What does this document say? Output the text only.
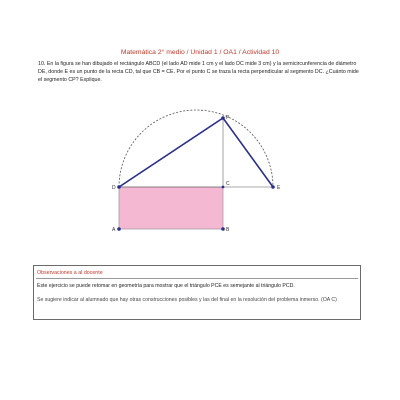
Matemática 2° medio / Unidad 1 / OA1 / Actividad 10
10. En la figura se han dibujado el rectángulo ABCD (el lado AD mide 1 cm y el lado DC mide 3 cm) y la semicircunferencia de diámetro DE, donde E es un punto de la recta CD, tal que CB = CE. Por el punto C se traza la recta perpendicular al segmento DC. ¿Cuánto mide el segmento CP? Explique.
D	E
P
C
A	B
Observaciones a al docente
Este ejercicio se puede retomar en geometría para mostrar que el triángulo PCE es semejante al triángulo PCD.
Se sugiere indicar al alumnado que hay otras construcciones posibles y las del final en la resolución del problema inmerso. (OA C)
